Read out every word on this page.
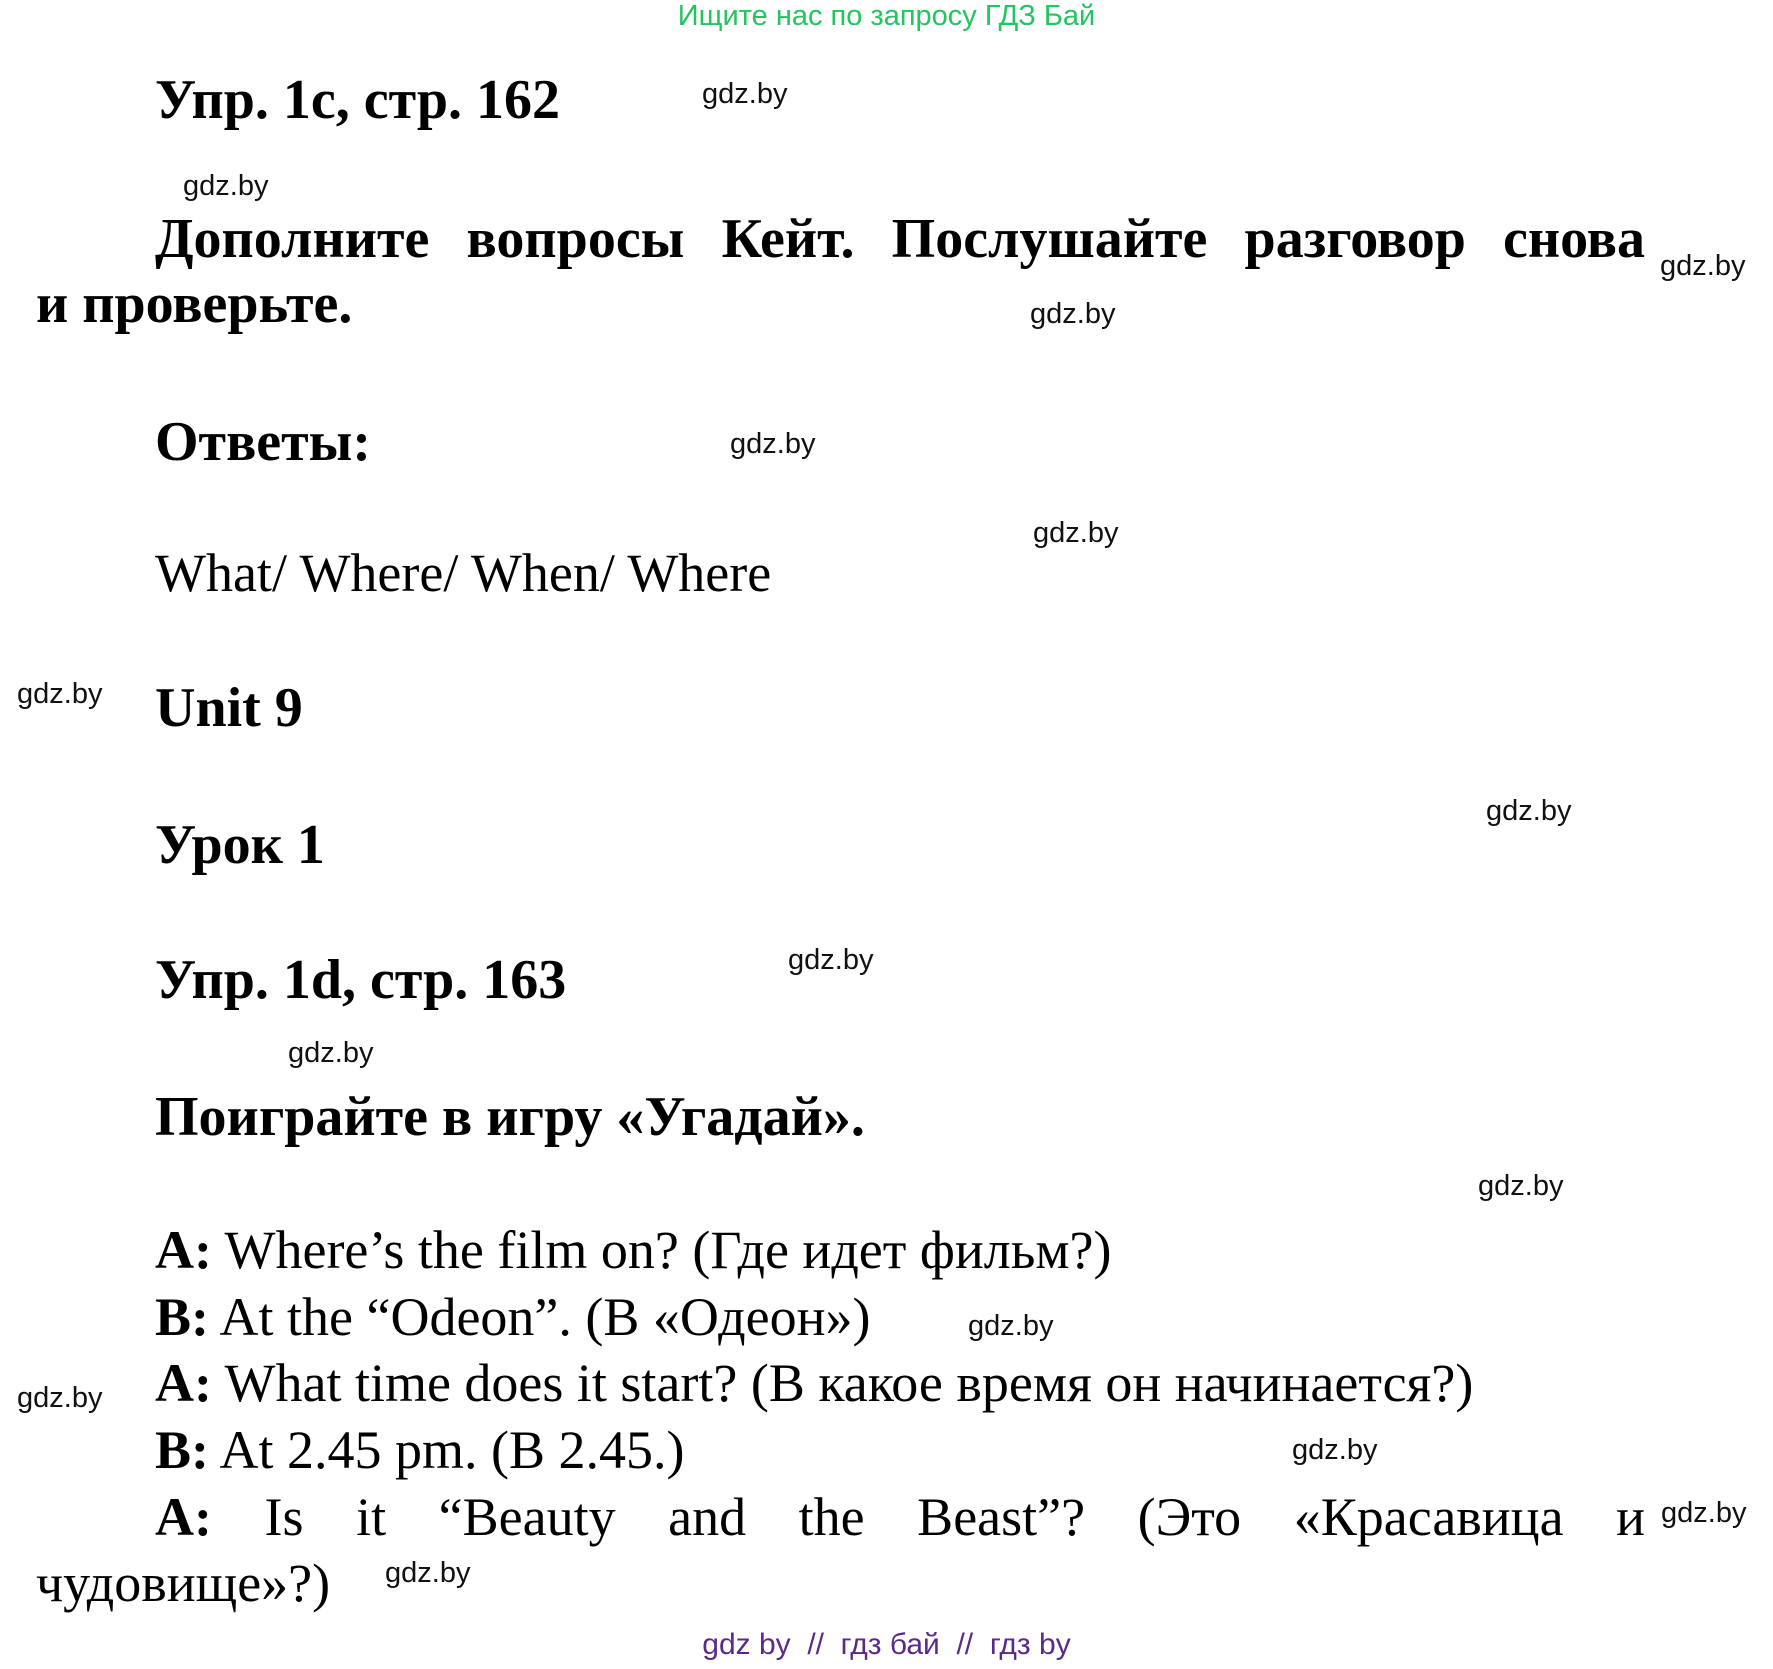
Ищите нас по запросу ГДЗ Бай
Упр. 1с, стр. 162
Дополните вопросы Кейт. Послушайте разговор снова
и проверьте.
Ответы:
What/ Where/ When/ Where
Unit 9
Урок 1
Упр. 1d, стр. 163
Поиграйте в игру «Угадай».
A: Where’s the film on? (Где идет фильм?)
B: At the “Odeon”. (В «Одеон»)
A: What time does it start? (В какое время он начинается?)
B: At 2.45 pm. (В 2.45.)
A: Is it “Beauty and the Beast”? (Это «Красавица и
чудовище»?)
gdz.by
gdz.by
gdz.by
gdz.by
gdz.by
gdz.by
gdz.by
gdz.by
gdz.by
gdz.by
gdz.by
gdz.by
gdz.by
gdz.by
gdz.by
gdz.by
gdz by  //  гдз бай  //  гдз by
